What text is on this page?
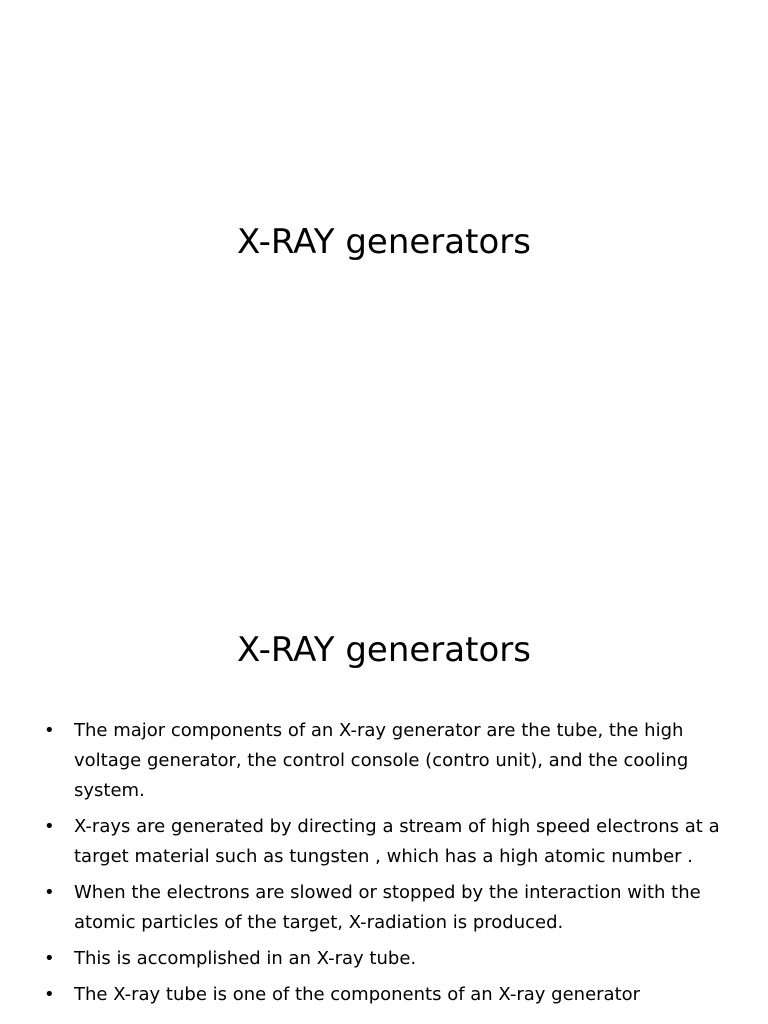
X-RAY generators
X-RAY generators
• The major components of an X-ray generator are the tube, the high voltage generator, the control console (contro unit), and the cooling system.
• X-rays are generated by directing a stream of high speed electrons at a target material such as tungsten , which has a high atomic number .
• When the electrons are slowed or stopped by the interaction with the atomic particles of the target, X-radiation is produced.
• This is accomplished in an X-ray tube.
• The X-ray tube is one of the components of an X-ray generator
